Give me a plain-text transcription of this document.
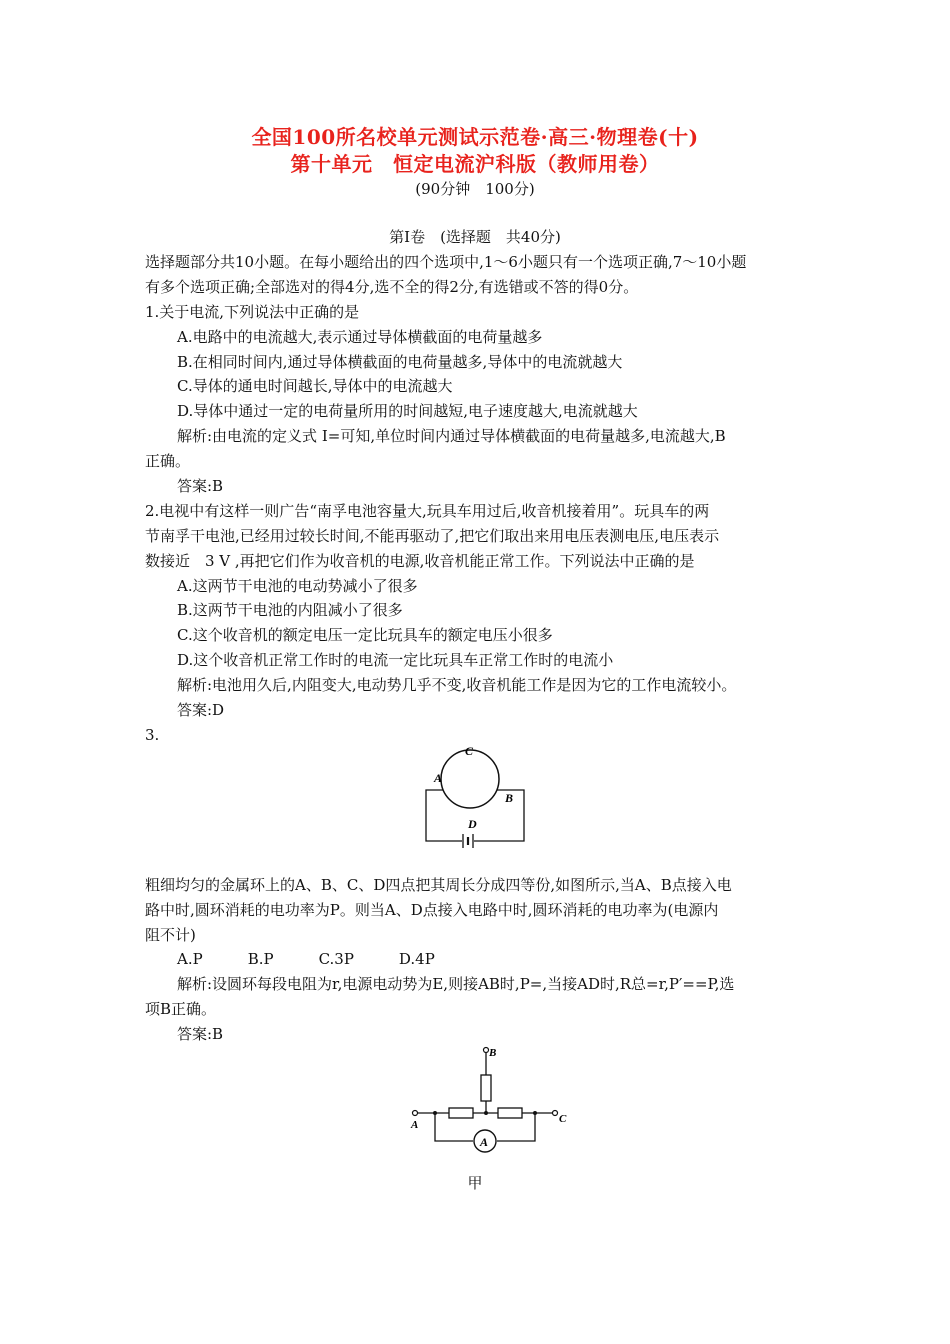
全国100所名校单元测试示范卷·高三·物理卷(十)
第十单元　恒定电流沪科版（教师用卷）
(90分钟　100分)
第Ⅰ卷　(选择题　共40分)
选择题部分共10小题。在每小题给出的四个选项中,1～6小题只有一个选项正确,7～10小题
有多个选项正确;全部选对的得4分,选不全的得2分,有选错或不答的得0分。
1.关于电流,下列说法中正确的是
A.电路中的电流越大,表示通过导体横截面的电荷量越多
B.在相同时间内,通过导体横截面的电荷量越多,导体中的电流就越大
C.导体的通电时间越长,导体中的电流越大
D.导体中通过一定的电荷量所用的时间越短,电子速度越大,电流就越大
解析:由电流的定义式 I=可知,单位时间内通过导体横截面的电荷量越多,电流越大,B
正确。
答案:B
2.电视中有这样一则广告“南孚电池容量大,玩具车用过后,收音机接着用”。玩具车的两
节南孚干电池,已经用过较长时间,不能再驱动了,把它们取出来用电压表测电压,电压表示
数接近　3 V ,再把它们作为收音机的电源,收音机能正常工作。下列说法中正确的是
A.这两节干电池的电动势减小了很多
B.这两节干电池的内阻减小了很多
C.这个收音机的额定电压一定比玩具车的额定电压小很多
D.这个收音机正常工作时的电流一定比玩具车正常工作时的电流小
解析:电池用久后,内阻变大,电动势几乎不变,收音机能工作是因为它的工作电流较小。
答案:D
3.
C
A
B
D
粗细均匀的金属环上的A、B、C、D四点把其周长分成四等份,如图所示,当A、B点接入电
路中时,圆环消耗的电功率为P。则当A、D点接入电路中时,圆环消耗的电功率为(电源内
阻不计)
A.P　　　B.P　　　C.3P　　　D.4P
解析:设圆环每段电阻为r,电源电动势为E,则接AB时,P=,当接AD时,R总=r,P′==P,选
项B正确。
答案:B
A
B
A	C
甲
